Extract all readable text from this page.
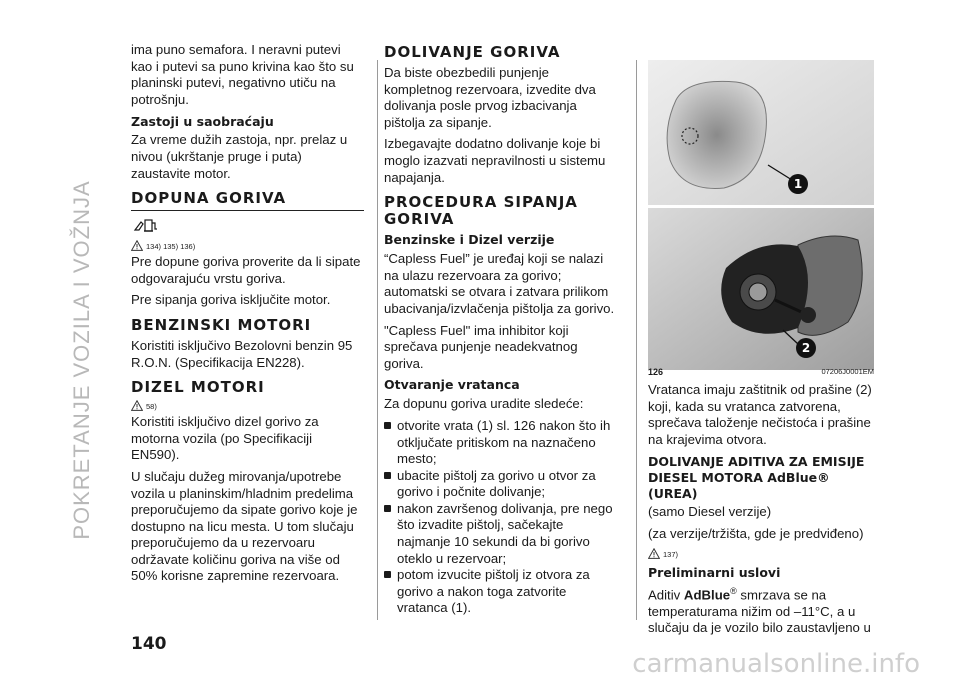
POKRETANJE VOZILA I VOŽNJA
140

ima puno semafora. I neravni putevi kao i putevi sa puno krivina kao što su planinski putevi, negativno utiču na potrošnju.

Zastoji u saobraćaju

Za vreme dužih zastoja, npr. prelaz u nivou (ukrštanje pruge i puta) zaustavite motor.

DOPUNA GORIVA
134) 135) 136)

Pre dopune goriva proverite da li sipate odgovarajuću vrstu goriva.

Pre sipanja goriva isključite motor.

BENZINSKI MOTORI

Koristiti isključivo Bezolovni benzin 95 R.O.N. (Specifikacija EN228).

DIZEL MOTORI
58)

Koristiti isključivo dizel gorivo za motorna vozila (po Specifikaciji EN590).

U slučaju dužeg mirovanja/upotrebe vozila u planinskim/hladnim predelima preporučujemo da sipate gorivo koje je dostupno na licu mesta. U tom slučaju preporučujemo da u rezervoaru održavate količinu goriva na više od 50% korisne zapremine rezervoara.

DOLIVANJE GORIVA

Da biste obezbedili punjenje kompletnog rezervoara, izvedite dva dolivanja posle prvog izbacivanja pištolja za sipanje.

Izbegavajte dodatno dolivanje koje bi moglo izazvati nepravilnosti u sistemu napajanja.

PROCEDURA SIPANJA GORIVA
Benzinske i Dizel verzije

“Capless Fuel” je uređaj koji se nalazi na ulazu rezervoara za gorivo; automatski se otvara i zatvara prilikom ubacivanja/izvlačenja pištolja za gorivo.

"Capless Fuel" ima inhibitor koji sprečava punjenje neadekvatnog goriva.

Otvaranje vratanca

Za dopunu goriva uradite sledeće:

otvorite vrata (1) sl. 126 nakon što ih otključate pritiskom na naznačeno mesto;
ubacite pištolj za gorivo u otvor za gorivo i počnite dolivanje;
nakon završenog dolivanja, pre nego što izvadite pištolj, sačekajte najmanje 10 sekundi da bi gorivo oteklo u rezervoar;
potom izvucite pištolj iz otvora za gorivo a nakon toga zatvorite vratanca (1).
1
2
126	07206J0001EM

Vratanca imaju zaštitnik od prašine (2) koji, kada su vratanca zatvorena, sprečava taloženje nečistoća i prašine na krajevima otvora.

DOLIVANJE ADITIVA ZA EMISIJE DIESEL MOTORA AdBlue® (UREA)

(samo Diesel verzije)

(za verzije/tržišta, gde je predviđeno)

137)
Preliminarni uslovi

Aditiv AdBlue® smrzava se na temperaturama nižim od –11°C, a u slučaju da je vozilo bilo zaustavljeno u

carmanualsonline.info
